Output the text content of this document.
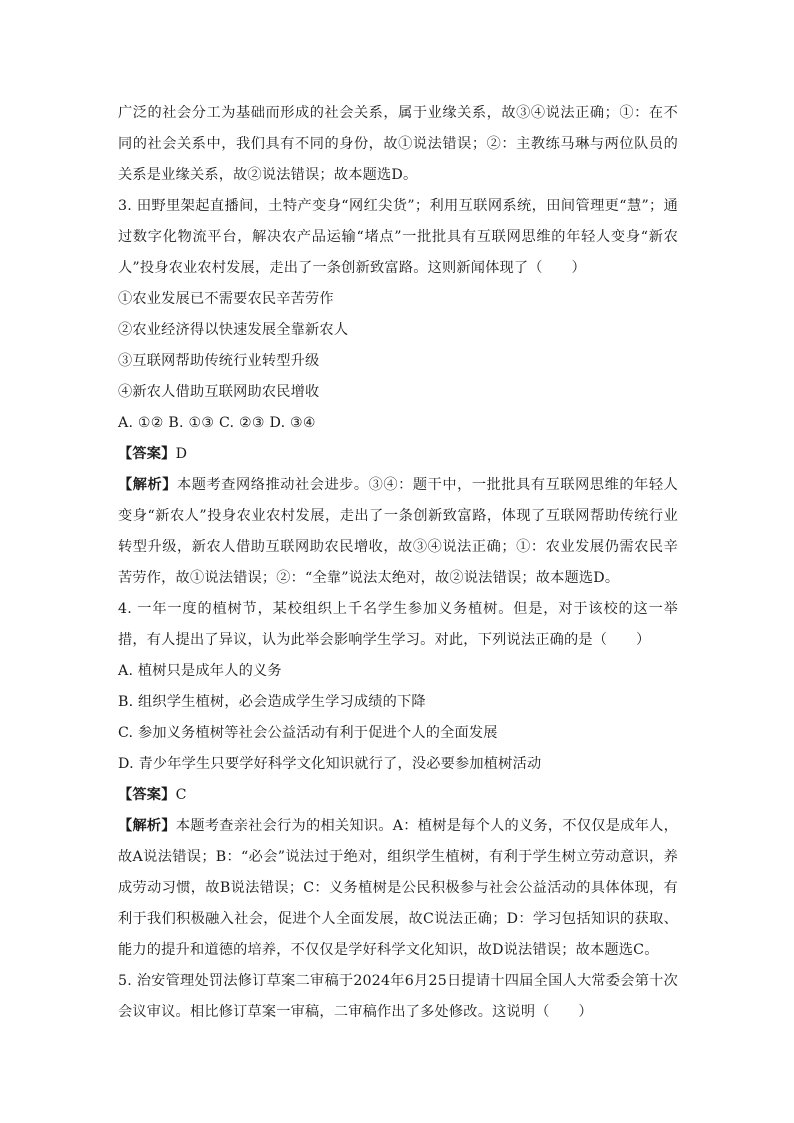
广泛的社会分工为基础而形成的社会关系，属于业缘关系，故③④说法正确；①：在不同的社会关系中，我们具有不同的身份，故①说法错误；②：主教练马琳与两位队员的关系是业缘关系，故②说法错误；故本题选D。

3. 田野里架起直播间，土特产变身“网红尖货”；利用互联网系统，田间管理更“慧”；通过数字化物流平台，解决农产品运输“堵点”一批批具有互联网思维的年轻人变身“新农人”投身农业农村发展，走出了一条创新致富路。这则新闻体现了（　　）

①农业发展已不需要农民辛苦劳作

②农业经济得以快速发展全靠新农人

③互联网帮助传统行业转型升级

④新农人借助互联网助农民增收

A. ①② B. ①③ C. ②③ D. ③④

【答案】D

【解析】本题考查网络推动社会进步。③④：题干中，一批批具有互联网思维的年轻人变身“新农人”投身农业农村发展，走出了一条创新致富路，体现了互联网帮助传统行业转型升级，新农人借助互联网助农民增收，故③④说法正确；①：农业发展仍需农民辛苦劳作，故①说法错误；②：“全靠”说法太绝对，故②说法错误；故本题选D。

4. 一年一度的植树节，某校组织上千名学生参加义务植树。但是，对于该校的这一举措，有人提出了异议，认为此举会影响学生学习。对此，下列说法正确的是（　　）

A. 植树只是成年人的义务

B. 组织学生植树，必会造成学生学习成绩的下降

C. 参加义务植树等社会公益活动有利于促进个人的全面发展

D. 青少年学生只要学好科学文化知识就行了，没必要参加植树活动

【答案】C

【解析】本题考查亲社会行为的相关知识。A：植树是每个人的义务，不仅仅是成年人，故A说法错误；B：“必会”说法过于绝对，组织学生植树，有利于学生树立劳动意识，养成劳动习惯，故B说法错误；C：义务植树是公民积极参与社会公益活动的具体体现，有利于我们积极融入社会，促进个人全面发展，故C说法正确；D：学习包括知识的获取、能力的提升和道德的培养，不仅仅是学好科学文化知识，故D说法错误；故本题选C。

5. 治安管理处罚法修订草案二审稿于2024年6月25日提请十四届全国人大常委会第十次会议审议。相比修订草案一审稿，二审稿作出了多处修改。这说明（　　）
